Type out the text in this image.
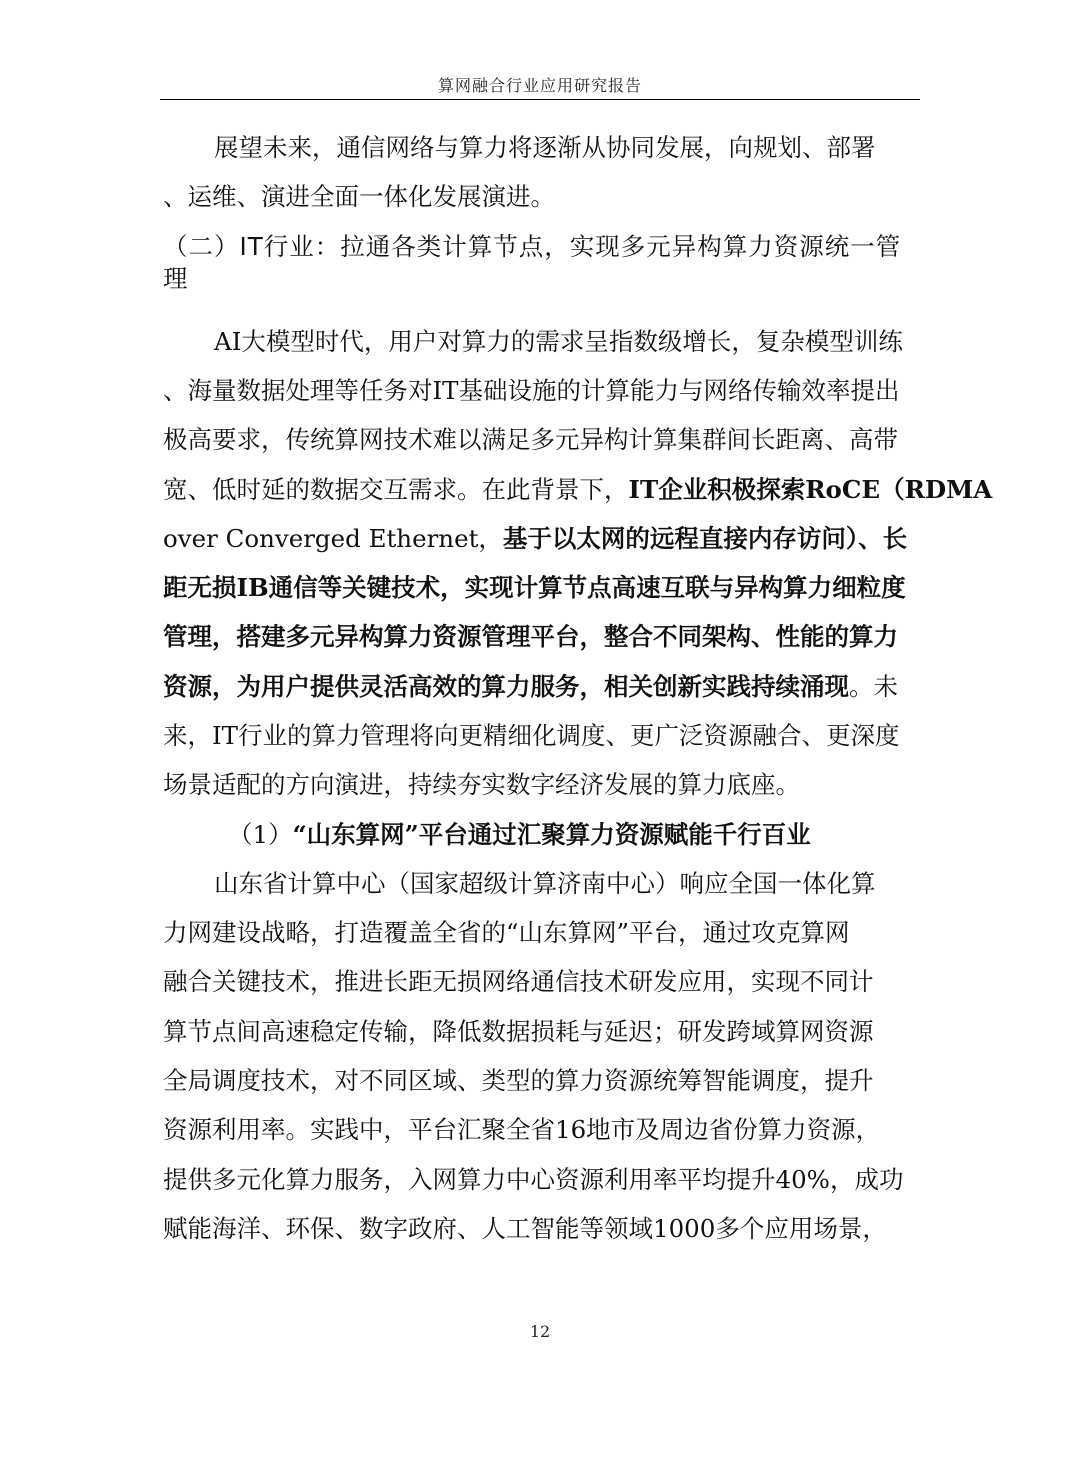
算网融合行业应用研究报告
展望未来，通信网络与算力将逐渐从协同发展，向规划、部署
、运维、演进全面一体化发展演进。
（二）IT行业：拉通各类计算节点，实现多元异构算力资源统一管
理
AI大模型时代，用户对算力的需求呈指数级增长，复杂模型训练
、海量数据处理等任务对IT基础设施的计算能力与网络传输效率提出
极高要求，传统算网技术难以满足多元异构计算集群间长距离、高带
宽、低时延的数据交互需求。在此背景下，IT企业积极探索RoCE（RDMA
over Converged Ethernet，基于以太网的远程直接内存访问）、长
距无损IB通信等关键技术，实现计算节点高速互联与异构算力细粒度
管理，搭建多元异构算力资源管理平台，整合不同架构、性能的算力
资源，为用户提供灵活高效的算力服务，相关创新实践持续涌现。未
来，IT行业的算力管理将向更精细化调度、更广泛资源融合、更深度
场景适配的方向演进，持续夯实数字经济发展的算力底座。
（1）“山东算网”平台通过汇聚算力资源赋能千行百业
山东省计算中心（国家超级计算济南中心）响应全国一体化算
力网建设战略，打造覆盖全省的“山东算网”平台，通过攻克算网
融合关键技术，推进长距无损网络通信技术研发应用，实现不同计
算节点间高速稳定传输，降低数据损耗与延迟；研发跨域算网资源
全局调度技术，对不同区域、类型的算力资源统筹智能调度，提升
资源利用率。实践中，平台汇聚全省16地市及周边省份算力资源，
提供多元化算力服务，入网算力中心资源利用率平均提升40%，成功
赋能海洋、环保、数字政府、人工智能等领域1000多个应用场景，
12
